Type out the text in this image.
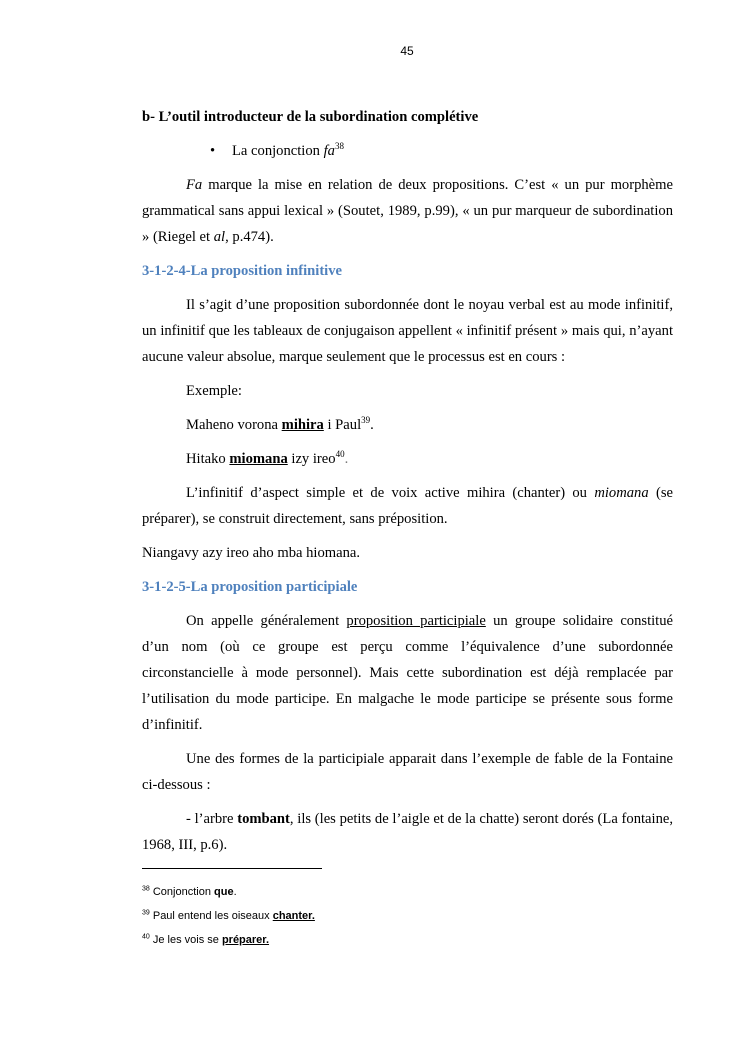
45

b- L’outil introducteur de la subordination complétive

• La conjonction $fa^{38}$

Fa marque la mise en relation de deux propositions. C’est « un pur morphème grammatical sans appui lexical » (Soutet, 1989, p.99), « un pur marqueur de subordination » (Riegel et al, p.474).

3-1-2-4-La proposition infinitive

Il s’agit d’une proposition subordonnée dont le noyau verbal est au mode infinitif, un infinitif que les tableaux de conjugaison appellent « infinitif présent » mais qui, n’ayant aucune valeur absolue, marque seulement que le processus est en cours :

Exemple:

Maheno vorona mihira i Paul$^{39}$.

Hitako miomana izy ireo$^{40}$.

L’infinitif d’aspect simple et de voix active mihira (chanter) ou miomana (se préparer), se construit directement, sans préposition.

Niangavy azy ireo aho mba hiomana.

3-1-2-5-La proposition participiale

On appelle généralement proposition participiale un groupe solidaire constitué d’un nom (où ce groupe est perçu comme l’équivalence d’une subordonnée circonstancielle à mode personnel). Mais cette subordination est déjà remplacée par l’utilisation du mode participe. En malgache le mode participe se présente sous forme d’infinitif.

Une des formes de la participiale apparait dans l’exemple de fable de la Fontaine ci-dessous :

- l’arbre tombant, ils (les petits de l’aigle et de la chatte) seront dorés (La fontaine, 1968, III, p.6).

$^{38}$ Conjonction que.
$^{39}$ Paul entend les oiseaux chanter.
$^{40}$ Je les vois se préparer.
